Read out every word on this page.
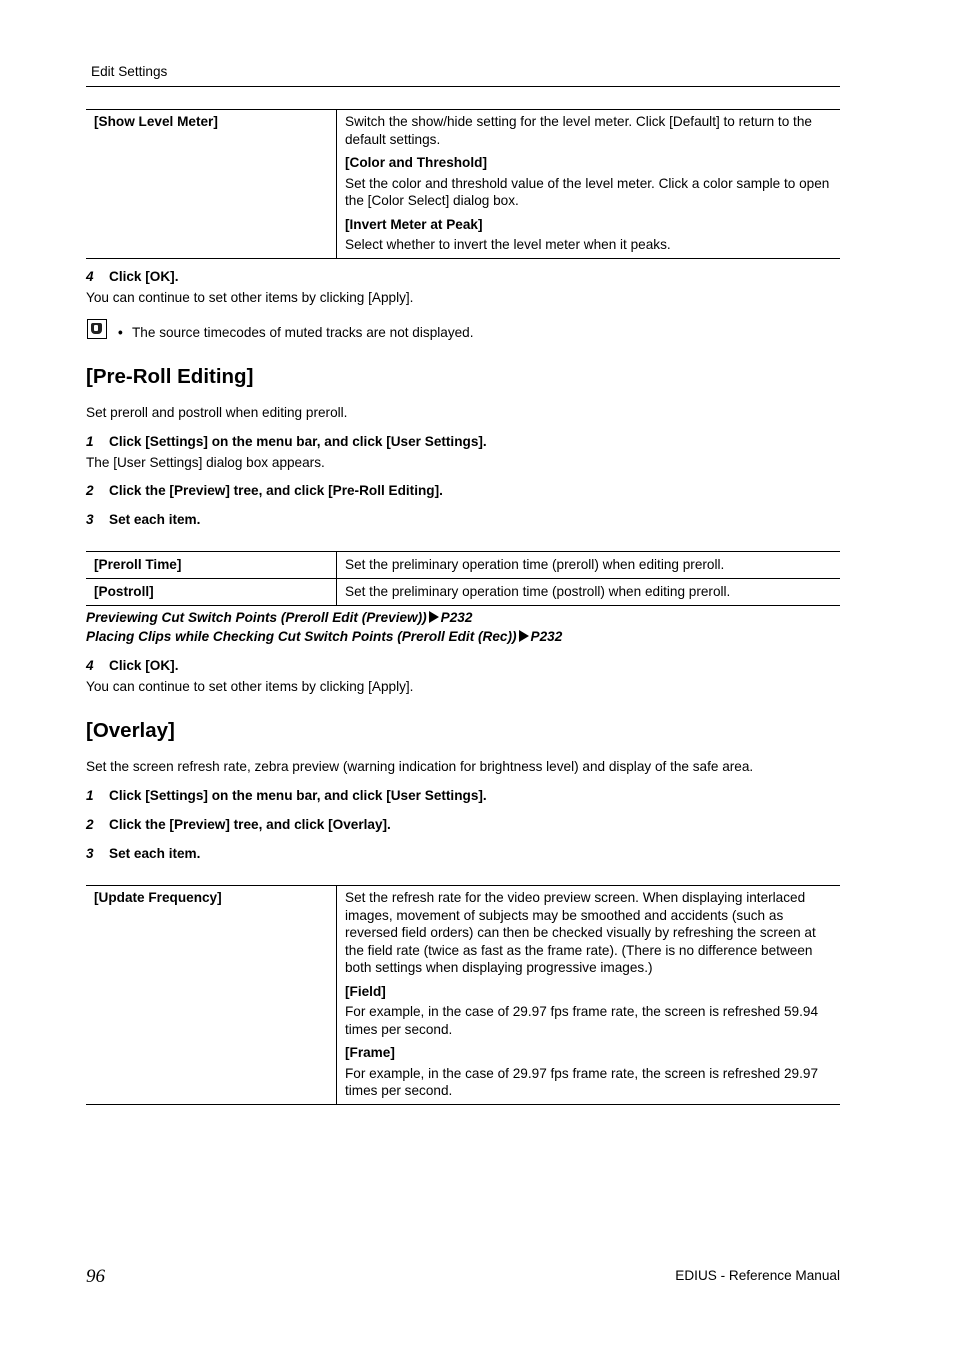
Edit Settings
[Show Level Meter]	Switch the show/hide setting for the level meter. Click [Default] to return to the default settings.

[Color and Threshold]

Set the color and threshold value of the level meter. Click a color sample to open the [Color Select] dialog box.

[Invert Meter at Peak]

Select whether to invert the level meter when it peaks.

4 Click [OK].
You can continue to set other items by clicking [Apply].
• The source timecodes of muted tracks are not displayed.
[Pre-Roll Editing]
Set preroll and postroll when editing preroll.
1 Click [Settings] on the menu bar, and click [User Settings].
The [User Settings] dialog box appears.
2 Click the [Preview] tree, and click [Pre-Roll Editing].
3 Set each item.
[Preroll Time]	Set the preliminary operation time (preroll) when editing preroll.
[Postroll]	Set the preliminary operation time (postroll) when editing preroll.
Previewing Cut Switch Points (Preroll Edit (Preview)) P232
Placing Clips while Checking Cut Switch Points (Preroll Edit (Rec)) P232
4 Click [OK].
You can continue to set other items by clicking [Apply].
[Overlay]
Set the screen refresh rate, zebra preview (warning indication for brightness level) and display of the safe area.
1 Click [Settings] on the menu bar, and click [User Settings].
2 Click the [Preview] tree, and click [Overlay].
3 Set each item.
[Update Frequency]	Set the refresh rate for the video preview screen. When displaying interlaced images, movement of subjects may be smoothed and accidents (such as reversed field orders) can then be checked visually by refreshing the screen at the field rate (twice as fast as the frame rate). (There is no difference between both settings when displaying progressive images.)

[Field]

For example, in the case of 29.97 fps frame rate, the screen is refreshed 59.94 times per second.

[Frame]

For example, in the case of 29.97 fps frame rate, the screen is refreshed 29.97 times per second.

96	EDIUS - Reference Manual
